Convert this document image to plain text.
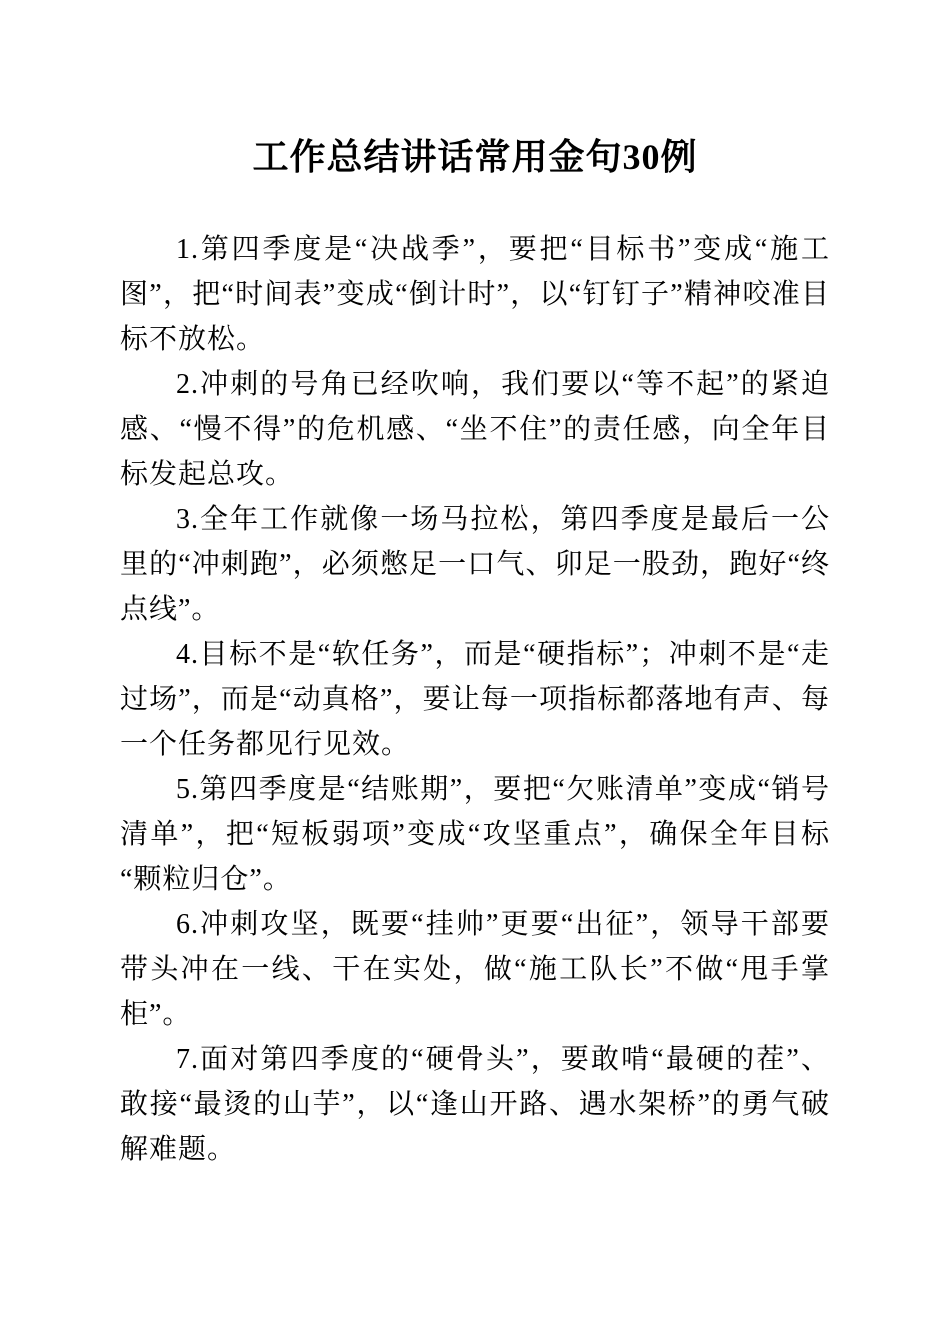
工作总结讲话常用金句30例

1.第四季度是“决战季”，要把“目标书”变成“施工图”，把“时间表”变成“倒计时”，以“钉钉子”精神咬准目标不放松。

2.冲刺的号角已经吹响，我们要以“等不起”的紧迫感、“慢不得”的危机感、“坐不住”的责任感，向全年目标发起总攻。

3.全年工作就像一场马拉松，第四季度是最后一公里的“冲刺跑”，必须憋足一口气、卯足一股劲，跑好“终点线”。

4.目标不是“软任务”，而是“硬指标”；冲刺不是“走过场”，而是“动真格”，要让每一项指标都落地有声、每一个任务都见行见效。

5.第四季度是“结账期”，要把“欠账清单”变成“销号清单”，把“短板弱项”变成“攻坚重点”，确保全年目标“颗粒归仓”。

6.冲刺攻坚，既要“挂帅”更要“出征”，领导干部要带头冲在一线、干在实处，做“施工队长”不做“甩手掌柜”。

7.面对第四季度的“硬骨头”，要敢啃“最硬的茬”、敢接“最烫的山芋”，以“逢山开路、遇水架桥”的勇气破解难题。
